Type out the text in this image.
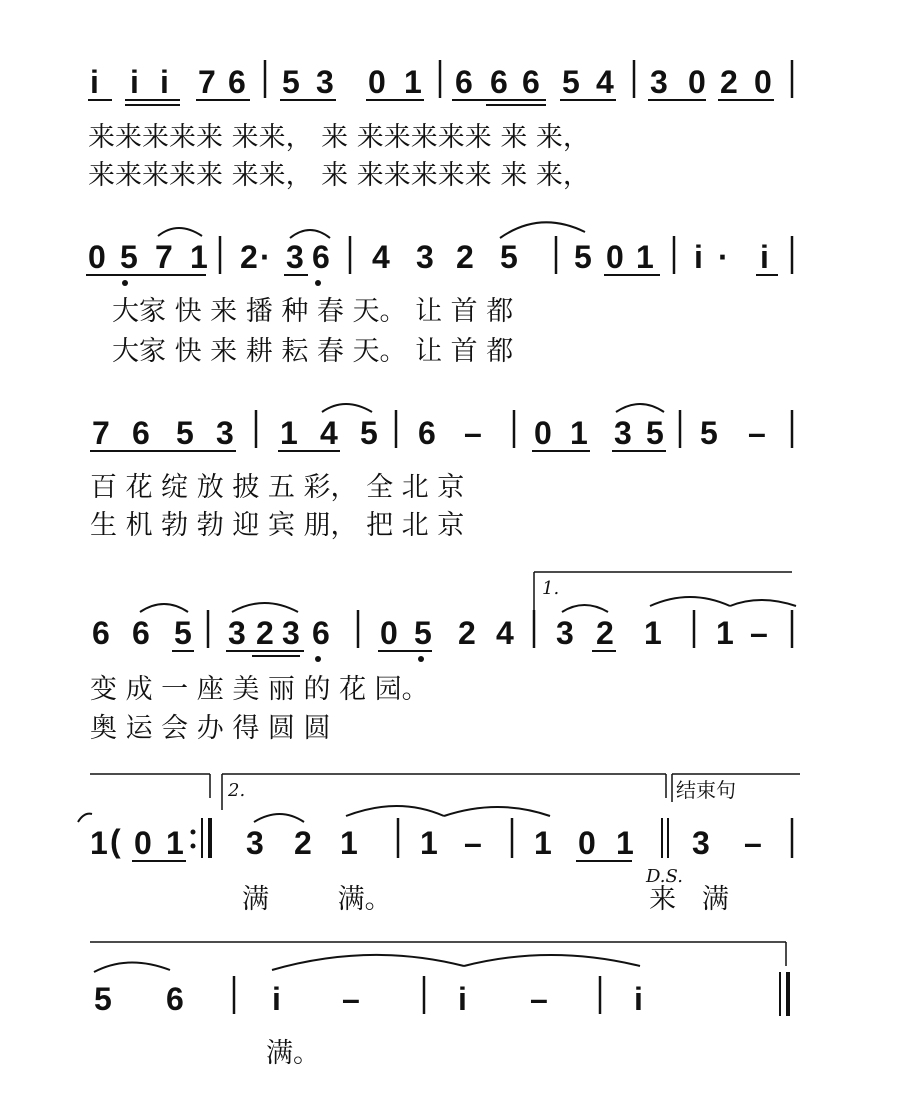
i i i 7 6 5 3 0 1 6 6 6 5 4 3 0 2 0
来来来来来 来来， 来 来来来来来 来 来，
来来来来来 来来， 来 来来来来来 来 来，
0 5 7 1 2 · 3 6 4 3 2 5 5 0 1 i · i
大家 快 来 播 种 春 天。 让 首 都
大家 快 来 耕 耘 春 天。 让 首 都
7 6 5 3 1 4 5 6 – 0 1 3 5 5 –
百 花 绽 放 披 五 彩， 全 北 京
生 机 勃 勃 迎 宾 朋， 把 北 京
1.
6 6 5 3 2 3 6 0 5 2 4 3 2 1 1 –
变 成 一 座 美 丽 的 花 园。
奥 运 会 办 得 圆 圆
2.	结束句
1 ( 0 1 3 2 1 1 – 1 0 1 3 –
D.S.
满        满。                              来   满
5 6	i –	i –	i
满。
